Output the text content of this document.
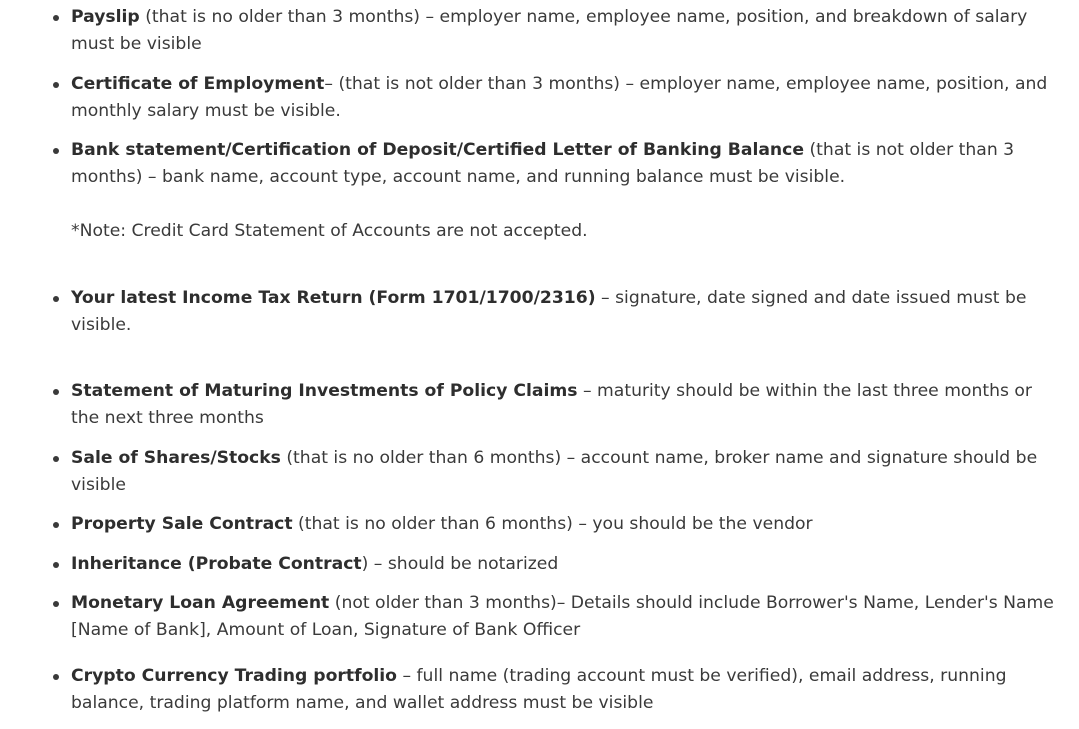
Payslip (that is no older than 3 months) – employer name, employee name, position, and breakdown of salary must be visible
Certificate of Employment– (that is not older than 3 months) – employer name, employee name, position, and monthly salary must be visible.
Bank statement/Certification of Deposit/Certified Letter of Banking Balance (that is not older than 3 months) – bank name, account type, account name, and running balance must be visible.
*Note: Credit Card Statement of Accounts are not accepted.
Your latest Income Tax Return (Form 1701/1700/2316) – signature, date signed and date issued must be visible.
Statement of Maturing Investments of Policy Claims – maturity should be within the last three months or the next three months
Sale of Shares/Stocks (that is no older than 6 months) – account name, broker name and signature should be visible
Property Sale Contract (that is no older than 6 months) – you should be the vendor
Inheritance (Probate Contract) – should be notarized
Monetary Loan Agreement (not older than 3 months)– Details should include Borrower's Name, Lender's Name [Name of Bank], Amount of Loan, Signature of Bank Officer
Crypto Currency Trading portfolio – full name (trading account must be verified), email address, running balance, trading platform name, and wallet address must be visible
